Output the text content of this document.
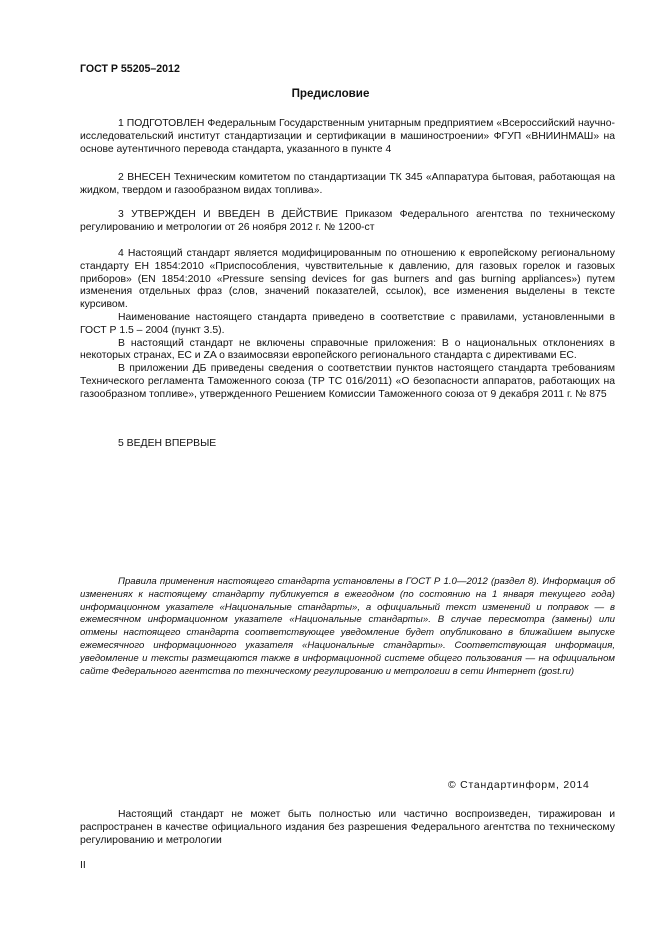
ГОСТ Р 55205–2012
Предисловие

1 ПОДГОТОВЛЕН Федеральным Государственным унитарным предприятием «Всероссийский научно-исследовательский институт стандартизации и сертификации в машиностроении» ФГУП «ВНИИНМАШ» на основе аутентичного перевода стандарта, указанного в пункте 4

2 ВНЕСЕН Техническим комитетом по стандартизации ТК 345 «Аппаратура бытовая, работающая на жидком, твердом и газообразном видах топлива».

3 УТВЕРЖДЕН И ВВЕДЕН В ДЕЙСТВИЕ Приказом Федерального агентства по техническому регулированию и метрологии от 26 ноября 2012 г. № 1200-ст

4 Настоящий стандарт является модифицированным по отношению к европейскому региональному стандарту ЕН 1854:2010 «Приспособления, чувствительные к давлению, для газовых горелок и газовых приборов» (EN 1854:2010 «Pressure sensing devices for gas burners and gas burning appliances») путем изменения отдельных фраз (слов, значений показателей, ссылок), все изменения выделены в тексте курсивом.

Наименование настоящего стандарта приведено в соответствие с правилами, установленными в ГОСТ Р 1.5 – 2004 (пункт 3.5).

В настоящий стандарт не включены справочные приложения: В о национальных отклонениях в некоторых странах, ЕС и ZA о взаимосвязи европейского регионального стандарта с директивами ЕС.

В приложении ДБ приведены сведения о соответствии пунктов настоящего стандарта требованиям Технического регламента Таможенного союза (ТР ТС 016/2011) «О безопасности аппаратов, работающих на газообразном топливе», утвержденного Решением Комиссии Таможенного союза от 9 декабря 2011 г. № 875

5 ВЕДЕН ВПЕРВЫЕ

Правила применения настоящего стандарта установлены в ГОСТ Р 1.0—2012 (раздел 8). Информация об изменениях к настоящему стандарту публикуется в ежегодном (по состоянию на 1 января текущего года) информационном указателе «Национальные стандарты», а официальный текст изменений и поправок — в ежемесячном информационном указателе «Национальные стандарты». В случае пересмотра (замены) или отмены настоящего стандарта соответствующее уведомление будет опубликовано в ближайшем выпуске ежемесячного информационного указателя «Национальные стандарты». Соответствующая информация, уведомление и тексты размещаются также в информационной системе общего пользования — на официальном сайте Федерального агентства по техническому регулированию и метрологии в сети Интернет (gost.ru)

© Стандартинформ, 2014

Настоящий стандарт не может быть полностью или частично воспроизведен, тиражирован и распространен в качестве официального издания без разрешения Федерального агентства по техническому регулированию и метрологии

II
